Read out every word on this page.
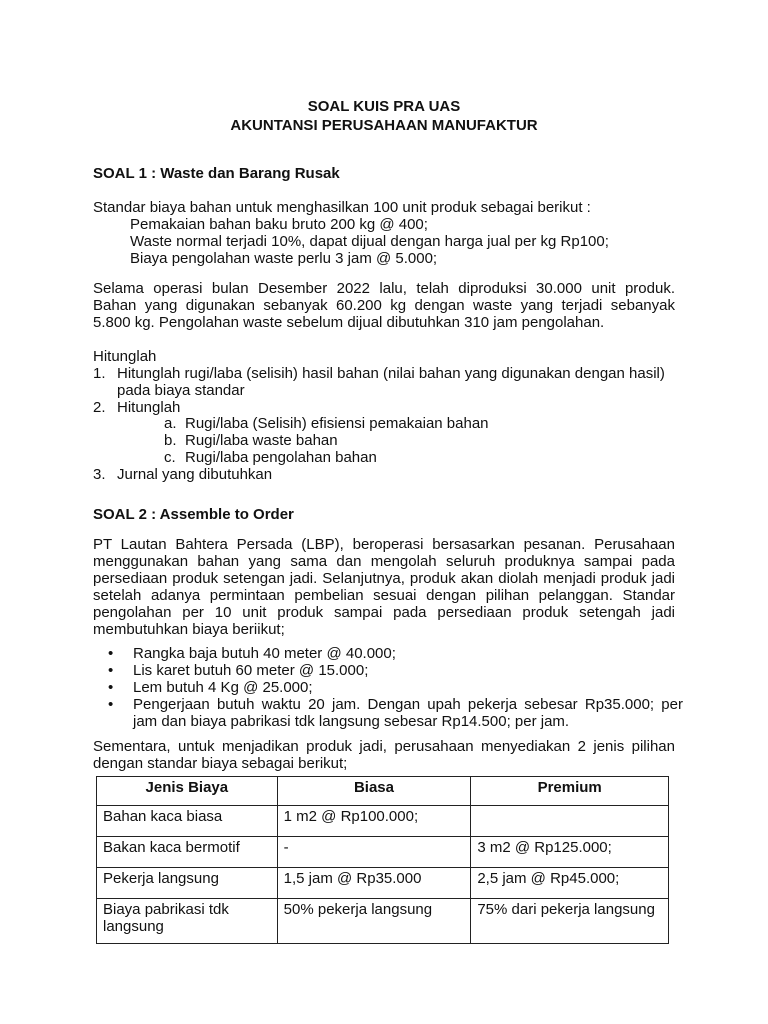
SOAL KUIS PRA UAS
AKUNTANSI PERUSAHAAN MANUFAKTUR
SOAL 1 : Waste dan Barang Rusak
Standar biaya bahan untuk menghasilkan 100 unit produk sebagai berikut :
Pemakaian bahan baku bruto 200 kg @ 400;
Waste normal terjadi 10%, dapat dijual dengan harga jual per kg Rp100;
Biaya pengolahan waste perlu 3 jam @ 5.000;
Selama operasi bulan Desember 2022 lalu, telah diproduksi 30.000 unit produk.
Bahan yang digunakan sebanyak 60.200 kg dengan waste yang terjadi sebanyak
5.800 kg. Pengolahan waste sebelum dijual dibutuhkan 310 jam pengolahan.
Hitunglah
1. Hitunglah rugi/laba (selisih) hasil bahan (nilai bahan yang digunakan dengan hasil)
pada biaya standar
2. Hitunglah
a. Rugi/laba (Selisih) efisiensi pemakaian bahan
b. Rugi/laba waste bahan
c. Rugi/laba pengolahan bahan
3. Jurnal yang dibutuhkan
SOAL 2 : Assemble to Order
PT Lautan Bahtera Persada (LBP), beroperasi bersasarkan pesanan. Perusahaan
menggunakan bahan yang sama dan mengolah seluruh produknya sampai pada
persediaan produk setengan jadi. Selanjutnya, produk akan diolah menjadi produk jadi
setelah adanya permintaan pembelian sesuai dengan pilihan pelanggan. Standar
pengolahan per 10 unit produk sampai pada persediaan produk setengah jadi
membutuhkan biaya beriikut;
• Rangka baja butuh 40 meter @ 40.000;
• Lis karet butuh 60 meter @ 15.000;
• Lem butuh 4 Kg @ 25.000;
• Pengerjaan butuh waktu 20 jam. Dengan upah pekerja sebesar Rp35.000; per
jam dan biaya pabrikasi tdk langsung sebesar Rp14.500; per jam.
Sementara, untuk menjadikan produk jadi, perusahaan menyediakan 2 jenis pilihan
dengan standar biaya sebagai berikut;
Jenis Biaya	Biasa	Premium
Bahan kaca biasa	1 m2 @ Rp100.000;	
Bakan kaca bermotif	-	3 m2 @ Rp125.000;
Pekerja langsung	1,5 jam @ Rp35.000	2,5 jam @ Rp45.000;
Biaya pabrikasi tdk langsung	50% pekerja langsung	75% dari pekerja langsung
